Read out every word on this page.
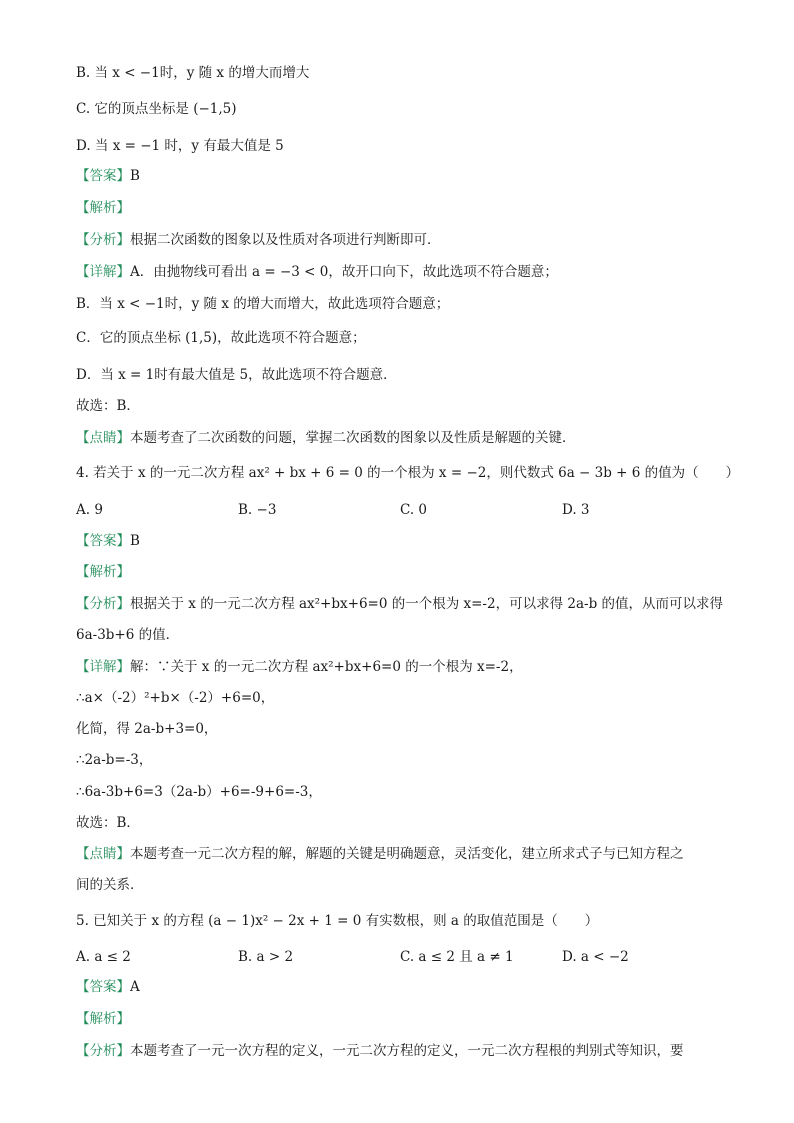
B. 当 x < −1时，y 随 x 的增大而增大
C. 它的顶点坐标是 (−1,5)
D. 当 x = −1 时，y 有最大值是 5
【答案】B
【解析】
【分析】根据二次函数的图象以及性质对各项进行判断即可．
【详解】A．由抛物线可看出 a = −3 < 0，故开口向下，故此选项不符合题意；
B．当 x < −1时，y 随 x 的增大而增大，故此选项符合题意；
C．它的顶点坐标 (1,5)，故此选项不符合题意；
D．当 x = 1时有最大值是 5，故此选项不符合题意．
故选：B．
【点睛】本题考查了二次函数的问题，掌握二次函数的图象以及性质是解题的关键．
4. 若关于 x 的一元二次方程 ax² + bx + 6 = 0 的一个根为 x = −2，则代数式 6a − 3b + 6 的值为（　　）
A. 9	B. −3	C. 0	D. 3
【答案】B
【解析】
【分析】根据关于 x 的一元二次方程 ax²+bx+6=0 的一个根为 x=-2，可以求得 2a-b 的值，从而可以求得
6a-3b+6 的值．
【详解】解：∵关于 x 的一元二次方程 ax²+bx+6=0 的一个根为 x=-2，
∴a×（-2）²+b×（-2）+6=0，
化简，得 2a-b+3=0，
∴2a-b=-3，
∴6a-3b+6=3（2a-b）+6=-9+6=-3，
故选：B．
【点睛】本题考查一元二次方程的解，解题的关键是明确题意，灵活变化，建立所求式子与已知方程之
间的关系．
5. 已知关于 x 的方程 (a − 1)x² − 2x + 1 = 0 有实数根，则 a 的取值范围是（　　）
A. a ≤ 2	B. a > 2	C. a ≤ 2 且 a ≠ 1	D. a < −2
【答案】A
【解析】
【分析】本题考查了一元一次方程的定义，一元二次方程的定义，一元二次方程根的判别式等知识，要
